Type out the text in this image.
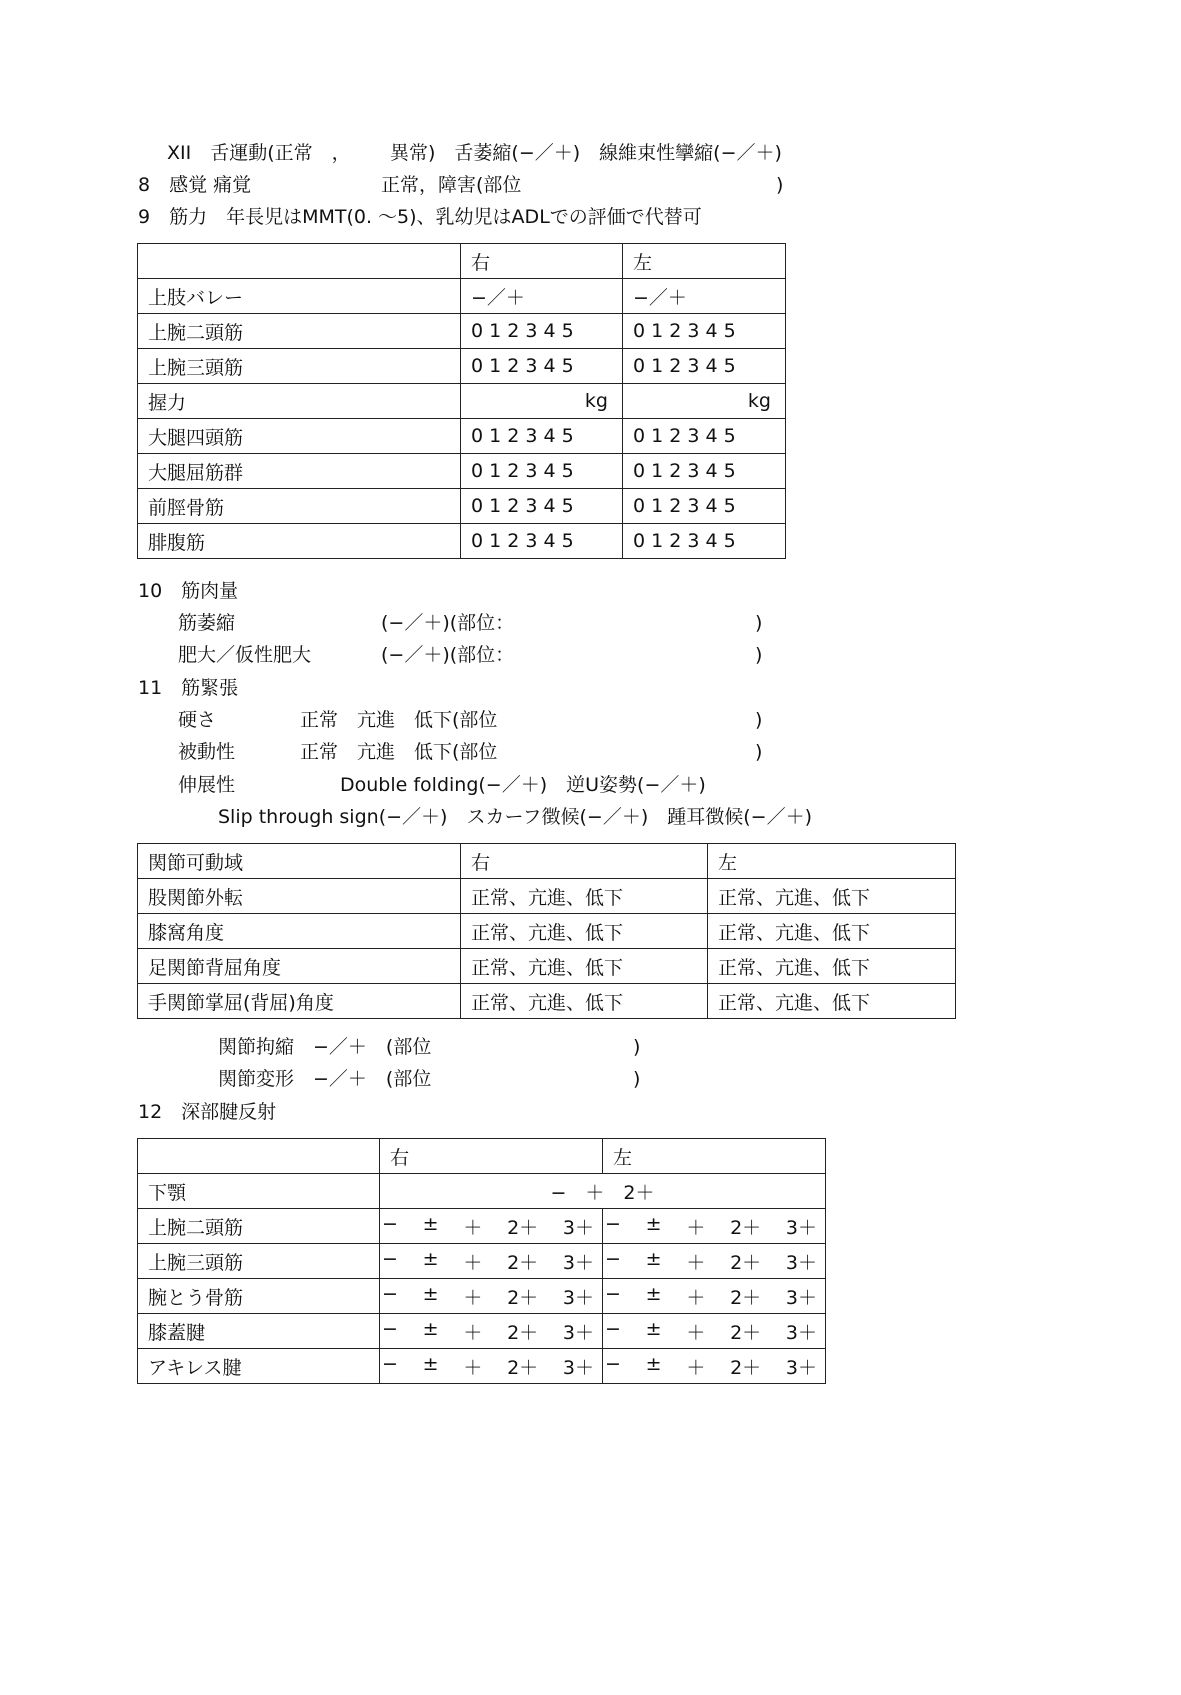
XII　舌運動(正常　， 異常)　舌萎縮(−／＋)　線維束性攣縮(−／＋)
8　感覚 痛覚	正常，障害(部位	)
9　筋力　年長児はMMT(0. 〜5)、乳幼児はADLでの評価で代替可
10　筋肉量
筋萎縮	(−／＋)(部位：	)
肥大／仮性肥大	(−／＋)(部位：	)
11　筋緊張
硬さ	正常　亢進　低下(部位	)
被動性	正常　亢進　低下(部位	)
伸展性	Double folding(−／＋)　逆U姿勢(−／＋)
Slip through sign(−／＋)　スカーフ徴候(−／＋)　踵耳徴候(−／＋)
関節拘縮　−／＋　(部位	)
関節変形　−／＋　(部位	)
12　深部腱反射
	右	左
上肢バレー	−／＋	−／＋
上腕二頭筋	0 1 2 3 4 5	0 1 2 3 4 5
上腕三頭筋	0 1 2 3 4 5	0 1 2 3 4 5
握力	kg	kg
大腿四頭筋	0 1 2 3 4 5	0 1 2 3 4 5
大腿屈筋群	0 1 2 3 4 5	0 1 2 3 4 5
前脛骨筋	0 1 2 3 4 5	0 1 2 3 4 5
腓腹筋	0 1 2 3 4 5	0 1 2 3 4 5
関節可動域	右	左
股関節外転	正常、亢進、低下	正常、亢進、低下
膝窩角度	正常、亢進、低下	正常、亢進、低下
足関節背屈角度	正常、亢進、低下	正常、亢進、低下
手関節掌屈(背屈)角度	正常、亢進、低下	正常、亢進、低下
	右	左
下顎	−　＋　2＋	
上腕二頭筋	− ± ＋ 2＋ 3＋	− ± ＋ 2＋ 3＋

上腕三頭筋	− ± ＋ 2＋ 3＋	− ± ＋ 2＋ 3＋

腕とう骨筋	− ± ＋ 2＋ 3＋	− ± ＋ 2＋ 3＋

膝蓋腱	− ± ＋ 2＋ 3＋	− ± ＋ 2＋ 3＋

アキレス腱	− ± ＋ 2＋ 3＋	− ± ＋ 2＋ 3＋
